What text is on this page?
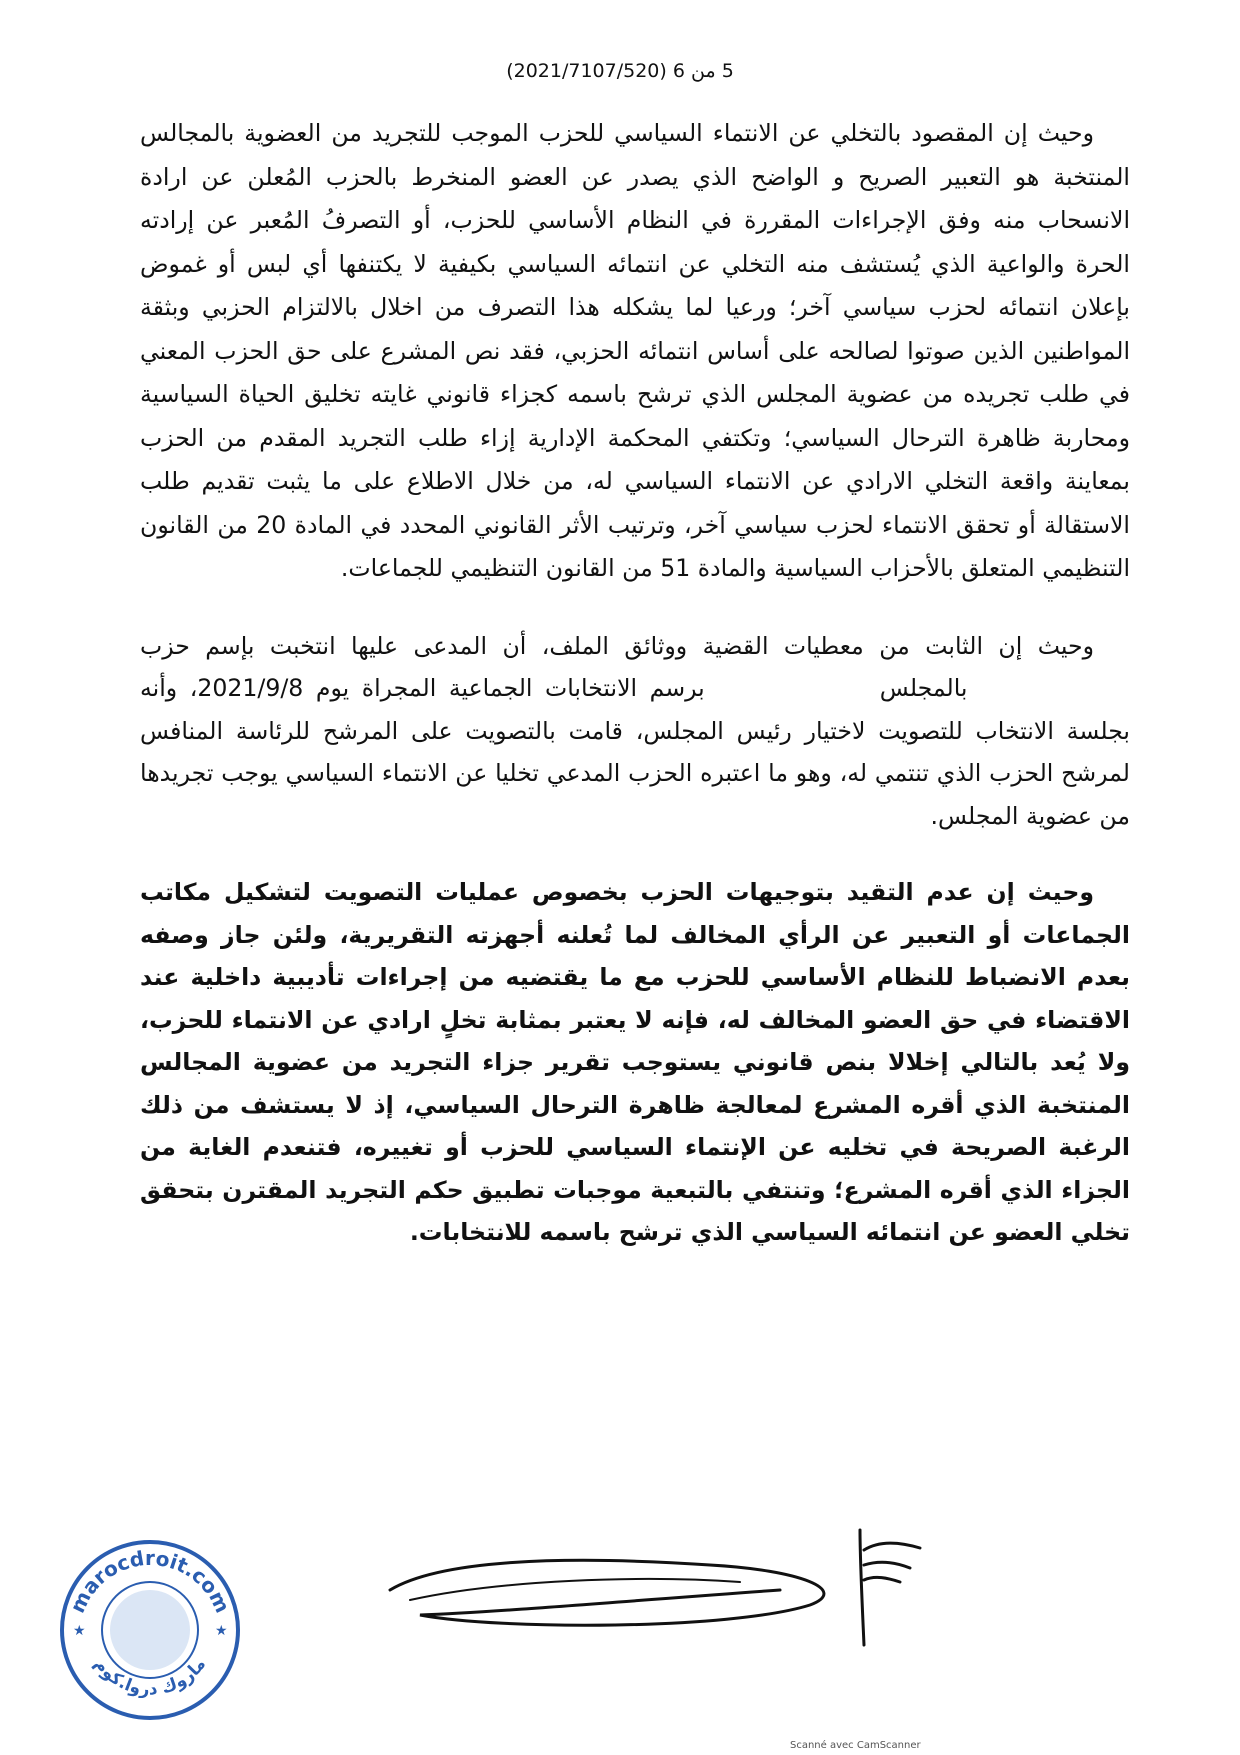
5 من 6 (2021/7107/520)

وحيث إن المقصود بالتخلي عن الانتماء السياسي للحزب الموجب للتجريد من العضوية بالمجالس المنتخبة هو التعبير الصريح و الواضح الذي يصدر عن العضو المنخرط بالحزب المُعلن عن ارادة الانسحاب منه وفق الإجراءات المقررة في النظام الأساسي للحزب، أو التصرفُ المُعبر عن إرادته الحرة والواعية الذي يُستشف منه التخلي عن انتمائه السياسي بكيفية لا يكتنفها أي لبس أو غموض بإعلان انتمائه لحزب سياسي آخر؛ ورعيا لما يشكله هذا التصرف من اخلال بالالتزام الحزبي وبثقة المواطنين الذين صوتوا لصالحه على أساس انتمائه الحزبي، فقد نص المشرع على حق الحزب المعني في طلب تجريده من عضوية المجلس الذي ترشح باسمه كجزاء قانوني غايته تخليق الحياة السياسية ومحاربة ظاهرة الترحال السياسي؛ وتكتفي المحكمة الإدارية إزاء طلب التجريد المقدم من الحزب بمعاينة واقعة التخلي الارادي عن الانتماء السياسي له، من خلال الاطلاع على ما يثبت تقديم طلب الاستقالة أو تحقق الانتماء لحزب سياسي آخر، وترتيب الأثر القانوني المحدد في المادة 20 من القانون التنظيمي المتعلق بالأحزاب السياسية والمادة 51 من القانون التنظيمي للجماعات.

وحيث إن الثابت من معطيات القضية ووثائق الملف، أن المدعى عليها انتخبت بإسم حزب  بالمجلس  برسم الانتخابات الجماعية المجراة يوم 2021/9/8، وأنه بجلسة الانتخاب للتصويت لاختيار رئيس المجلس، قامت بالتصويت على المرشح للرئاسة المنافس لمرشح الحزب الذي تنتمي له، وهو ما اعتبره الحزب المدعي تخليا عن الانتماء السياسي يوجب تجريدها من عضوية المجلس.

وحيث إن عدم التقيد بتوجيهات الحزب بخصوص عمليات التصويت لتشكيل مكاتب الجماعات أو التعبير عن الرأي المخالف لما تُعلنه أجهزته التقريرية، ولئن جاز وصفه بعدم الانضباط للنظام الأساسي للحزب مع ما يقتضيه من إجراءات تأديبية داخلية عند الاقتضاء في حق العضو المخالف له، فإنه لا يعتبر بمثابة تخلٍ ارادي عن الانتماء للحزب، ولا يُعد بالتالي إخلالا بنص قانوني يستوجب تقرير جزاء التجريد من عضوية المجالس المنتخبة الذي أقره المشرع لمعالجة ظاهرة الترحال السياسي، إذ لا يستشف من ذلك الرغبة الصريحة في تخليه عن الإنتماء السياسي للحزب أو تغييره، فتنعدم الغاية من الجزاء الذي أقره المشرع؛ وتنتفي بالتبعية موجبات تطبيق حكم التجريد المقترن بتحقق تخلي العضو عن انتمائه السياسي الذي ترشح باسمه للانتخابات.

marocdroit.com
ماروك دروا.كوم
★	★
Scanné avec CamScanner
